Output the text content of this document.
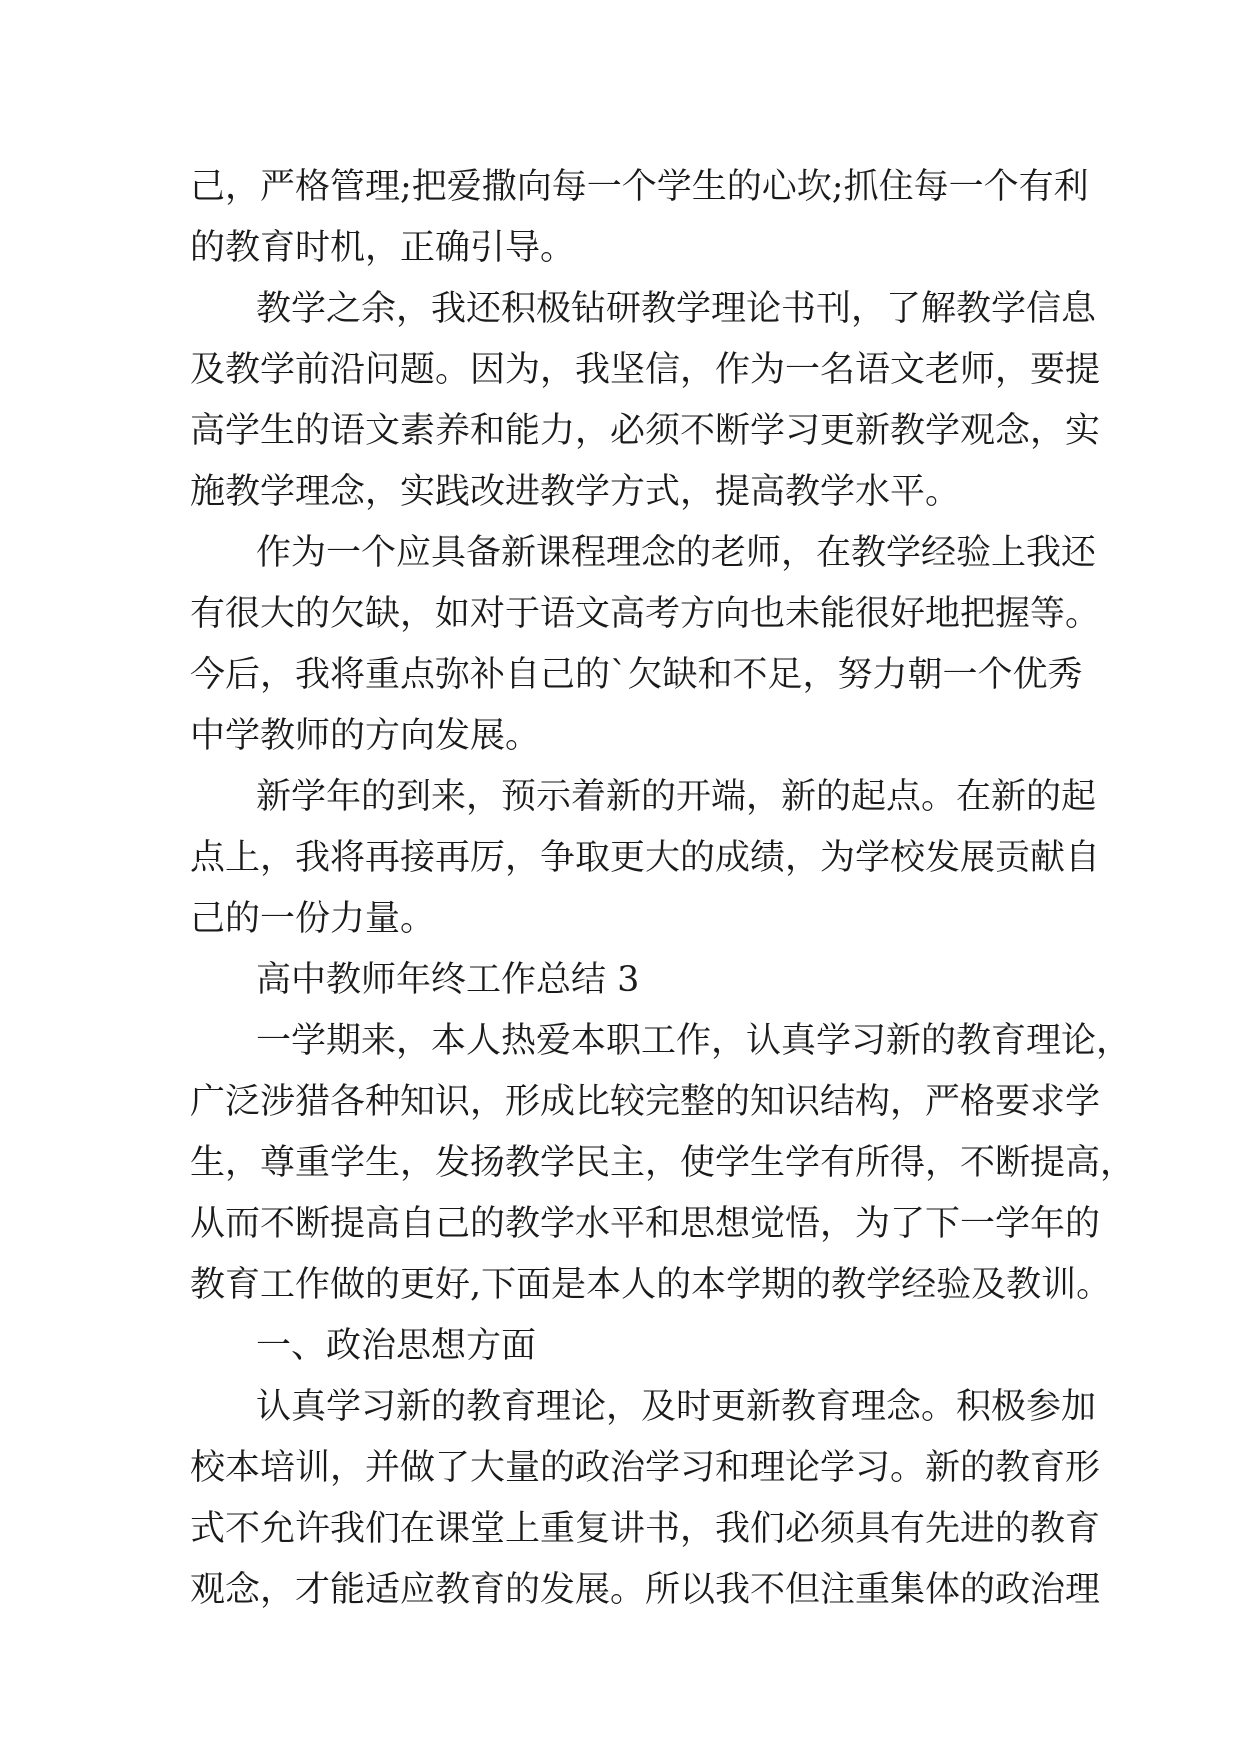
己，严格管理;把爱撒向每一个学生的心坎;抓住每一个有利
的教育时机，正确引导。
教学之余，我还积极钻研教学理论书刊，了解教学信息
及教学前沿问题。因为，我坚信，作为一名语文老师，要提
高学生的语文素养和能力，必须不断学习更新教学观念，实
施教学理念，实践改进教学方式，提高教学水平。
作为一个应具备新课程理念的老师，在教学经验上我还
有很大的欠缺，如对于语文高考方向也未能很好地把握等。
今后，我将重点弥补自己的`欠缺和不足，努力朝一个优秀
中学教师的方向发展。
新学年的到来，预示着新的开端，新的起点。在新的起
点上，我将再接再厉，争取更大的成绩，为学校发展贡献自
己的一份力量。
高中教师年终工作总结 3
一学期来，本人热爱本职工作，认真学习新的教育理论，
广泛涉猎各种知识，形成比较完整的知识结构，严格要求学
生，尊重学生，发扬教学民主，使学生学有所得，不断提高，
从而不断提高自己的教学水平和思想觉悟，为了下一学年的
教育工作做的更好,下面是本人的本学期的教学经验及教训。
一、政治思想方面
认真学习新的教育理论，及时更新教育理念。积极参加
校本培训，并做了大量的政治学习和理论学习。新的教育形
式不允许我们在课堂上重复讲书，我们必须具有先进的教育
观念，才能适应教育的发展。所以我不但注重集体的政治理
